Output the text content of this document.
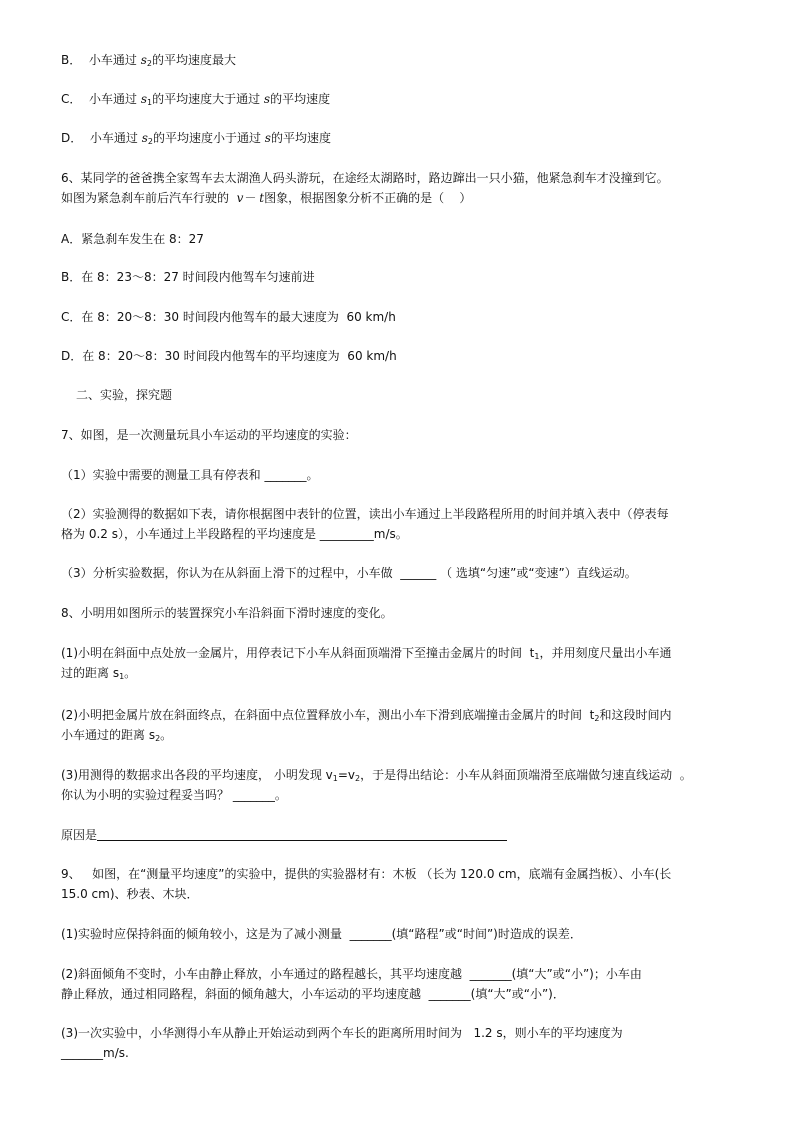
B．  小车通过 $s_2$的平均速度最大
C．  小车通过 $s_1$的平均速度大于通过 s的平均速度
D．  小车通过 $s_2$的平均速度小于通过 s的平均速度
6、某同学的爸爸携全家驾车去太湖渔人码头游玩，在途经太湖路时，路边蹿出一只小猫，他紧急刹车才没撞到它。
如图为紧急刹车前后汽车行驶的  v－ t图象，根据图象分析不正确的是（    ）
A．紧急刹车发生在 8：27
B．在 8：23～8：27 时间段内他驾车匀速前进
C．在 8：20～8：30 时间段内他驾车的最大速度为  60 km/h
D．在 8：20～8：30 时间段内他驾车的平均速度为  60 km/h
二、实验，探究题
7、如图，是一次测量玩具小车运动的平均速度的实验：
（1）实验中需要的测量工具有停表和 _______。
（2）实验测得的数据如下表，请你根据图中表针的位置，读出小车通过上半段路程所用的时间并填入表中（停表每
格为 0.2 s），小车通过上半段路程的平均速度是 _________m/s。
（3）分析实验数据，你认为在从斜面上滑下的过程中，小车做  ______ （ 选填“匀速”或“变速”）直线运动。
8、小明用如图所示的装置探究小车沿斜面下滑时速度的变化。
(1)小明在斜面中点处放一金属片，用停表记下小车从斜面顶端滑下至撞击金属片的时间  $t_1$，并用刻度尺量出小车通
过的距离 $s_1$。
(2)小明把金属片放在斜面终点，在斜面中点位置释放小车，测出小车下滑到底端撞击金属片的时间  $t_2$和这段时间内
小车通过的距离 $s_2$。
(3)用测得的数据求出各段的平均速度， 小明发现 $v_1=v_2$，于是得出结论：小车从斜面顶端滑至底端做匀速直线运动  。
你认为小明的实验过程妥当吗？ _______。
原因是
9、   如图，在“测量平均速度”的实验中，提供的实验器材有：木板 （长为 120.0 cm，底端有金属挡板）、小车(长
15.0 cm)、秒表、木块．
(1)实验时应保持斜面的倾角较小，这是为了减小测量  _______(填“路程”或“时间”)时造成的误差．
(2)斜面倾角不变时，小车由静止释放，小车通过的路程越长，其平均速度越  _______(填“大”或“小”)；小车由
静止释放，通过相同路程，斜面的倾角越大，小车运动的平均速度越  _______(填“大”或“小”)．
(3)一次实验中，小华测得小车从静止开始运动到两个车长的距离所用时间为   1.2 s，则小车的平均速度为
_______m/s.
